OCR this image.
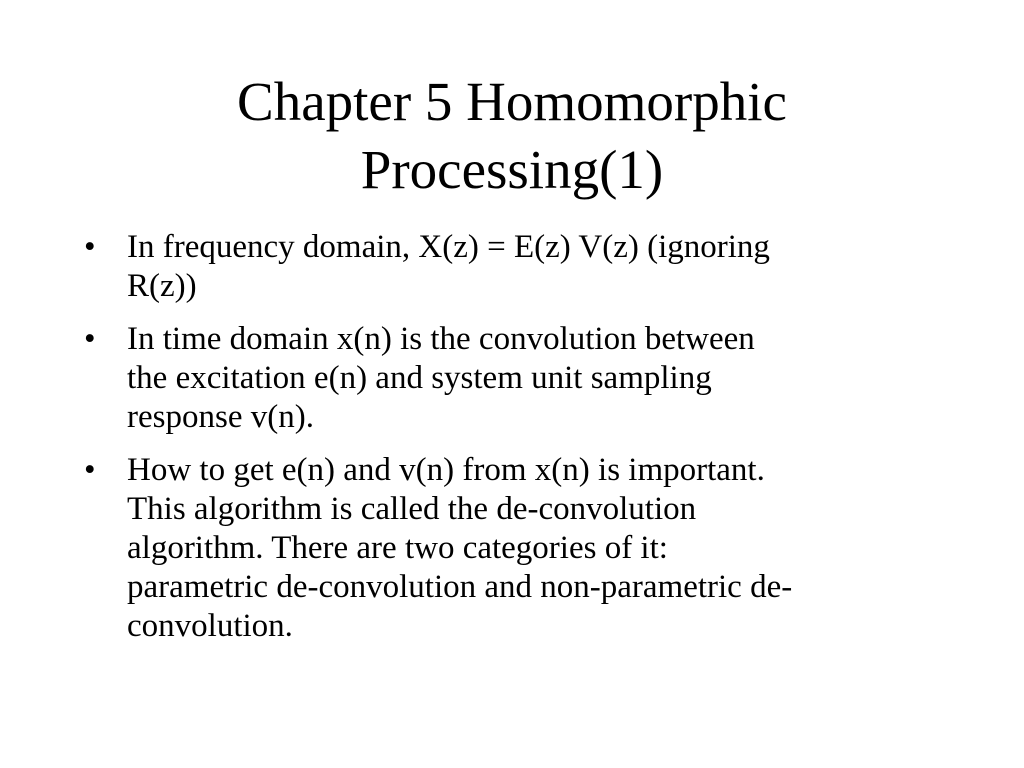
Chapter 5 Homomorphic
Processing(1)
• In frequency domain, X(z) = E(z) V(z) (ignoring
R(z))
• In time domain x(n) is the convolution between
the excitation e(n) and system unit sampling
response v(n).
• How to get e(n) and v(n) from x(n) is important.
This algorithm is called the de-convolution
algorithm. There are two categories of it:
parametric de-convolution and non-parametric de-
convolution.
